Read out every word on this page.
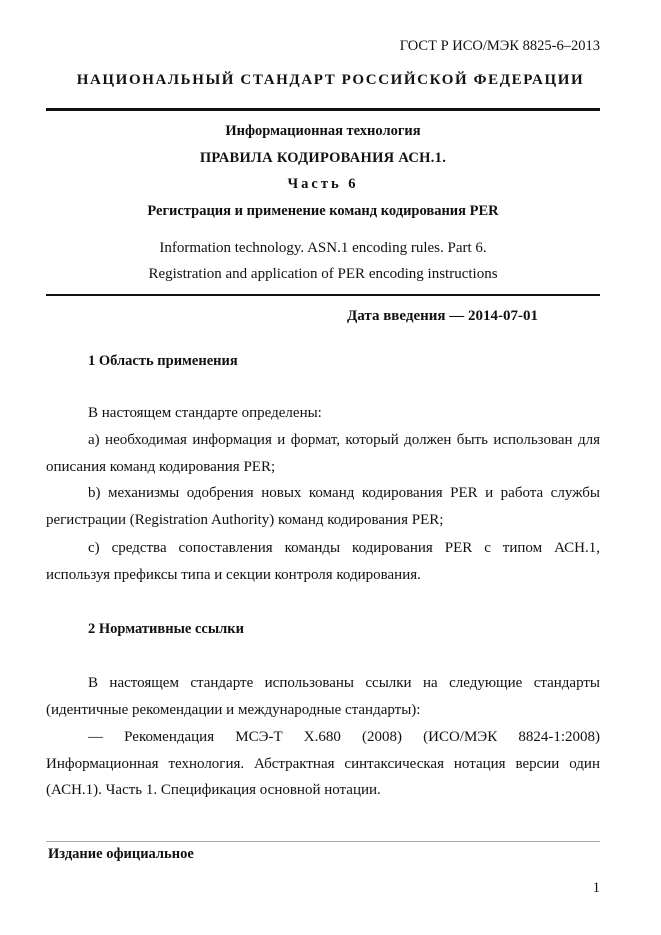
ГОСТ Р ИСО/МЭК 8825-6–2013
НАЦИОНАЛЬНЫЙ СТАНДАРТ РОССИЙСКОЙ ФЕДЕРАЦИИ
Информационная технология
ПРАВИЛА КОДИРОВАНИЯ АСН.1.
Часть 6
Регистрация и применение команд кодирования PER
Information technology. ASN.1 encoding rules. Part 6.
Registration and application of PER encoding instructions
Дата введения — 2014-07-01
1 Область применения

В настоящем стандарте определены:

а) необходимая информация и формат, который должен быть использован для описания команд кодирования PER;

b) механизмы одобрения новых команд кодирования PER и работа службы регистрации (Registration Authority) команд кодирования PER;

с) средства сопоставления команды кодирования PER с типом АСН.1, используя префиксы типа и секции контроля кодирования.

2 Нормативные ссылки

В настоящем стандарте использованы ссылки на следующие стандарты (идентичные рекомендации и международные стандарты):

— Рекомендация МСЭ-Т Х.680 (2008) (ИСО/МЭК 8824-1:2008) Информационная технология. Абстрактная синтаксическая нотация версии один (АСН.1). Часть 1. Спецификация основной нотации.

Издание официальное
1
